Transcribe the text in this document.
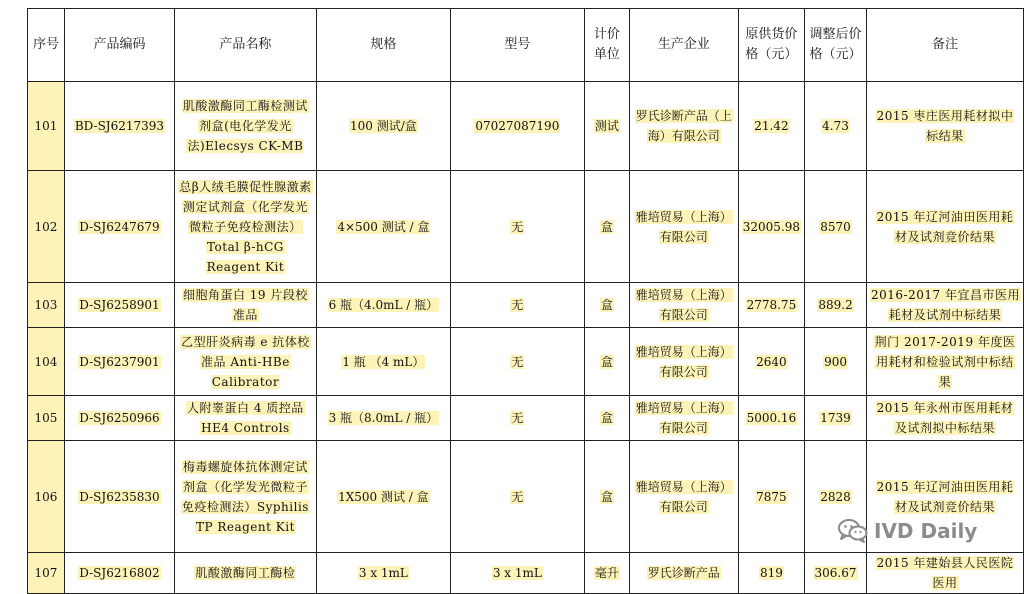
序号	产品编码	产品名称	规格	型号	计价单位	生产企业	原供货价格（元）	调整后价格（元）	备注
101	BD-SJ6217393	肌酸激酶同工酶检测试剂盒(电化学发光法)Elecsys CK-MB	100 测试/盒	07027087190	测试	罗氏诊断产品（上海）有限公司	21.42	4.73	2015 枣庄医用耗材拟中标结果
102	D-SJ6247679	总β人绒毛膜促性腺激素测定试剂盒（化学发光微粒子免疫检测法）Total β-hCG Reagent Kit	4×500 测试 / 盒	无	盒	雅培贸易（上海）有限公司	32005.98	8570	2015 年辽河油田医用耗材及试剂竞价结果
103	D-SJ6258901	细胞角蛋白 19 片段校准品	6 瓶（4.0mL / 瓶）	无	盒	雅培贸易（上海）有限公司	2778.75	889.2	2016-2017 年宜昌市医用耗材及试剂中标结果
104	D-SJ6237901	乙型肝炎病毒 e 抗体校准品 Anti-HBe Calibrator	1 瓶 （4 mL）	无	盒	雅培贸易（上海）有限公司	2640	900	荆门 2017-2019 年度医用耗材和检验试剂中标结果
105	D-SJ6250966	人附睾蛋白 4 质控品 HE4 Controls	3 瓶（8.0mL / 瓶）	无	盒	雅培贸易（上海）有限公司	5000.16	1739	2015 年永州市医用耗材及试剂拟中标结果
106	D-SJ6235830	梅毒螺旋体抗体测定试剂盒（化学发光微粒子免疫检测法）Syphilis TP Reagent Kit	1X500 测试 / 盒	无	盒	雅培贸易（上海）有限公司	7875	2828	2015 年辽河油田医用耗材及试剂竞价结果
107	D-SJ6216802	肌酸激酶同工酶检	3 x 1mL	3 x 1mL	毫升	罗氏诊断产品	819	306.67	2015 年建始县人民医院医用
IVD Daily
